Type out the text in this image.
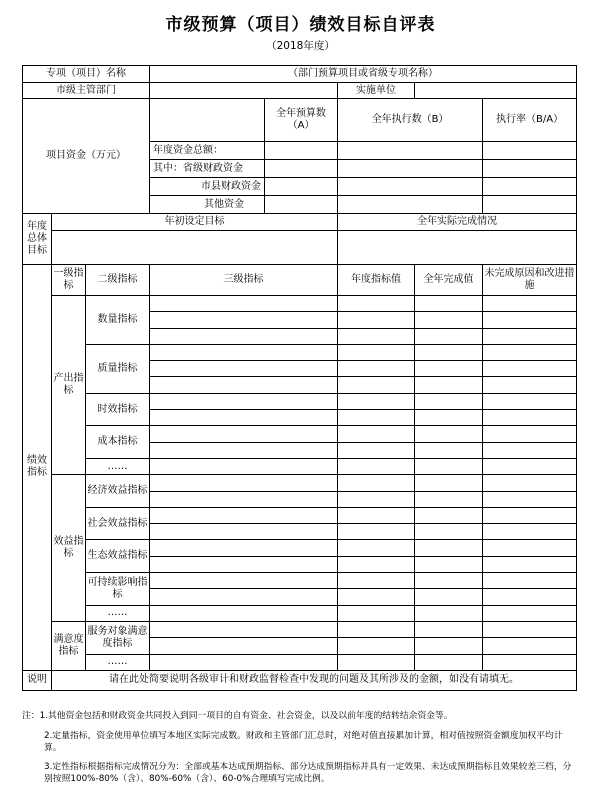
市级预算（项目）绩效目标自评表
（2018年度）
专项（项目）名称			（部门预算项目或省级专项名称）				
市级主管部门					实施单位		
项目资金（万元）				全年预算数（A）	全年执行数（B）		执行率（B/A）
			年度资金总额：				
			其中：省级财政资金				
			市县财政资金				
			其他资金				
年度总体目标	年初设定目标				全年实际完成情况		

绩效指标	一级指标	二级指标	三级指标		年度指标值	全年完成值	未完成原因和改进措施
	产出指标	数量指标					

		质量指标					

		时效指标					

		成本指标					

		……					
	效益指标	经济效益指标					

		社会效益指标					

		生态效益指标					

		可持续影响指标					

		……					
	满意度指标	服务对象满意度指标					

		……					
说明	请在此处简要说明各级审计和财政监督检查中发现的问题及其所涉及的金额，如没有请填无。						
注：1.其他资金包括和财政资金共同投入到同一项目的自有资金、社会资金，以及以前年度的结转结余资金等。
2.定量指标，资金使用单位填写本地区实际完成数。财政和主管部门汇总时，对绝对值直接累加计算，相对值按照资金额度加权平均计算。
3.定性指标根据指标完成情况分为：全部或基本达成预期指标、部分达成预期指标并具有一定效果、未达成预期指标且效果较差三档，分别按照100%-80%（含）、80%-60%（含）、60-0%合理填写完成比例。
